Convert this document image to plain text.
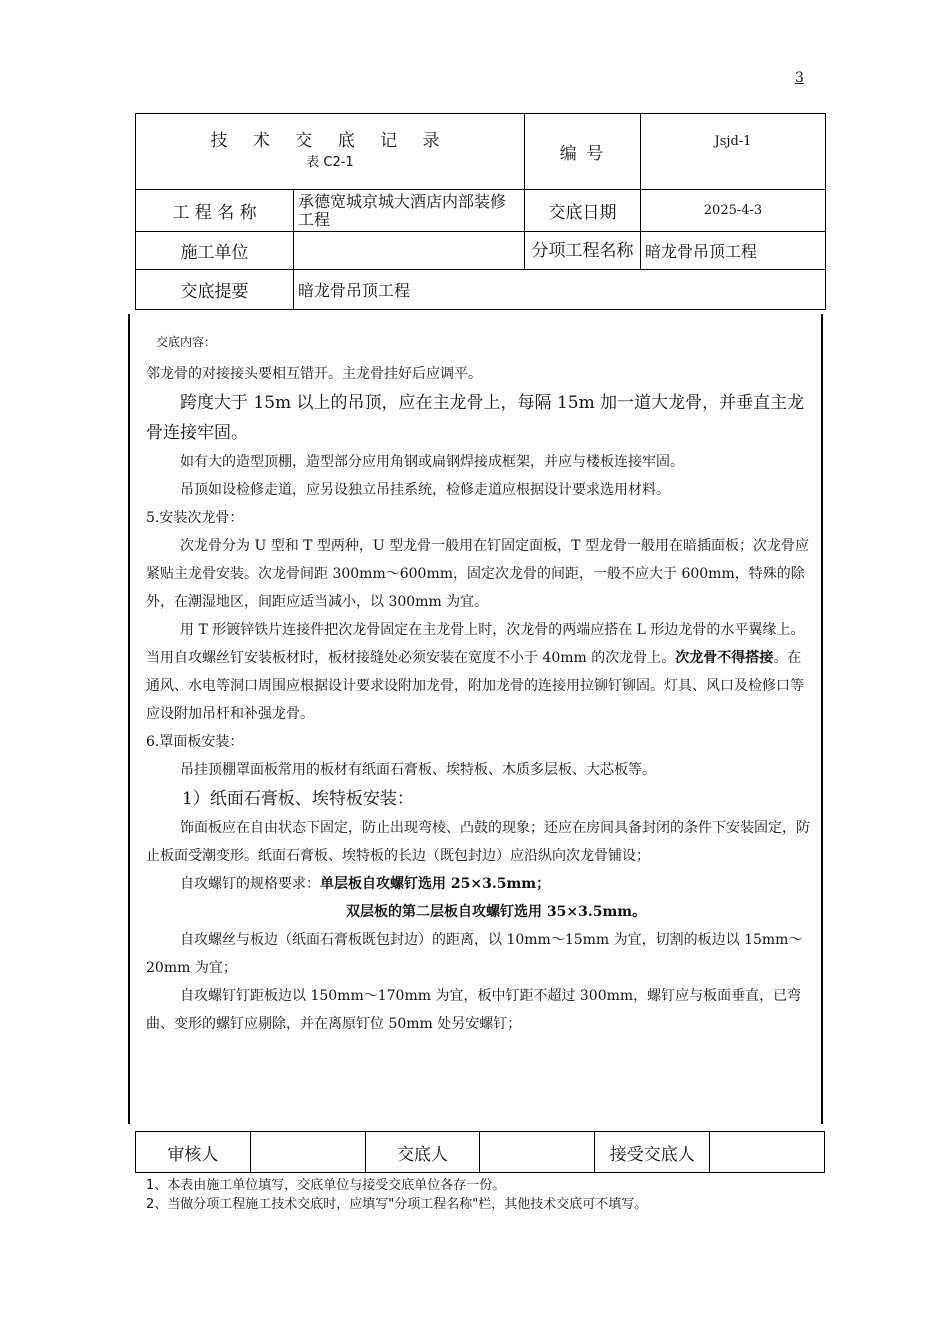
3
技 术 交 底 记 录
表 C2-1		编 号	Jsjd-1
工 程 名 称	承德宽城京城大酒店内部装修工程	交底日期	2025-4-3
施工单位		分项工程名称	暗龙骨吊顶工程
交底提要	暗龙骨吊顶工程		

交底内容：

邻龙骨的对接接头要相互错开。主龙骨挂好后应调平。

跨度大于 15m 以上的吊顶，应在主龙骨上，每隔 15m 加一道大龙骨，并垂直主龙骨连接牢固。

如有大的造型顶棚，造型部分应用角钢或扁钢焊接成框架，并应与楼板连接牢固。

吊顶如设检修走道，应另设独立吊挂系统，检修走道应根据设计要求选用材料。

5.安装次龙骨：

次龙骨分为 U 型和 T 型两种，U 型龙骨一般用在钉固定面板，T 型龙骨一般用在暗插面板；次龙骨应紧贴主龙骨安装。次龙骨间距 300mm～600mm，固定次龙骨的间距，一般不应大于 600mm，特殊的除外，在潮湿地区，间距应适当减小，以 300mm 为宜。

用 T 形镀锌铁片连接件把次龙骨固定在主龙骨上时，次龙骨的两端应搭在 L 形边龙骨的水平翼缘上。当用自攻螺丝钉安装板材时，板材接缝处必须安装在宽度不小于 40mm 的次龙骨上。次龙骨不得搭接。在通风、水电等洞口周围应根据设计要求设附加龙骨，附加龙骨的连接用拉铆钉铆固。灯具、风口及检修口等应设附加吊杆和补强龙骨。

6.罩面板安装：

吊挂顶棚罩面板常用的板材有纸面石膏板、埃特板、木质多层板、大芯板等。

1）纸面石膏板、埃特板安装：

饰面板应在自由状态下固定，防止出现弯棱、凸鼓的现象；还应在房间具备封闭的条件下安装固定，防止板面受潮变形。纸面石膏板、埃特板的长边（既包封边）应沿纵向次龙骨铺设；

自攻螺钉的规格要求：单层板自攻螺钉选用 25×3.5mm；

双层板的第二层板自攻螺钉选用 35×3.5mm。

自攻螺丝与板边（纸面石膏板既包封边）的距离，以 10mm～15mm 为宜，切割的板边以 15mm～20mm 为宜；

自攻螺钉钉距板边以 150mm～170mm 为宜，板中钉距不超过 300mm，螺钉应与板面垂直，已弯曲、变形的螺钉应剔除，并在离原钉位 50mm 处另安螺钉；

审核人		交底人		接受交底人	

1、本表由施工单位填写，交底单位与接受交底单位各存一份。

2、当做分项工程施工技术交底时，应填写"分项工程名称"栏，其他技术交底可不填写。
